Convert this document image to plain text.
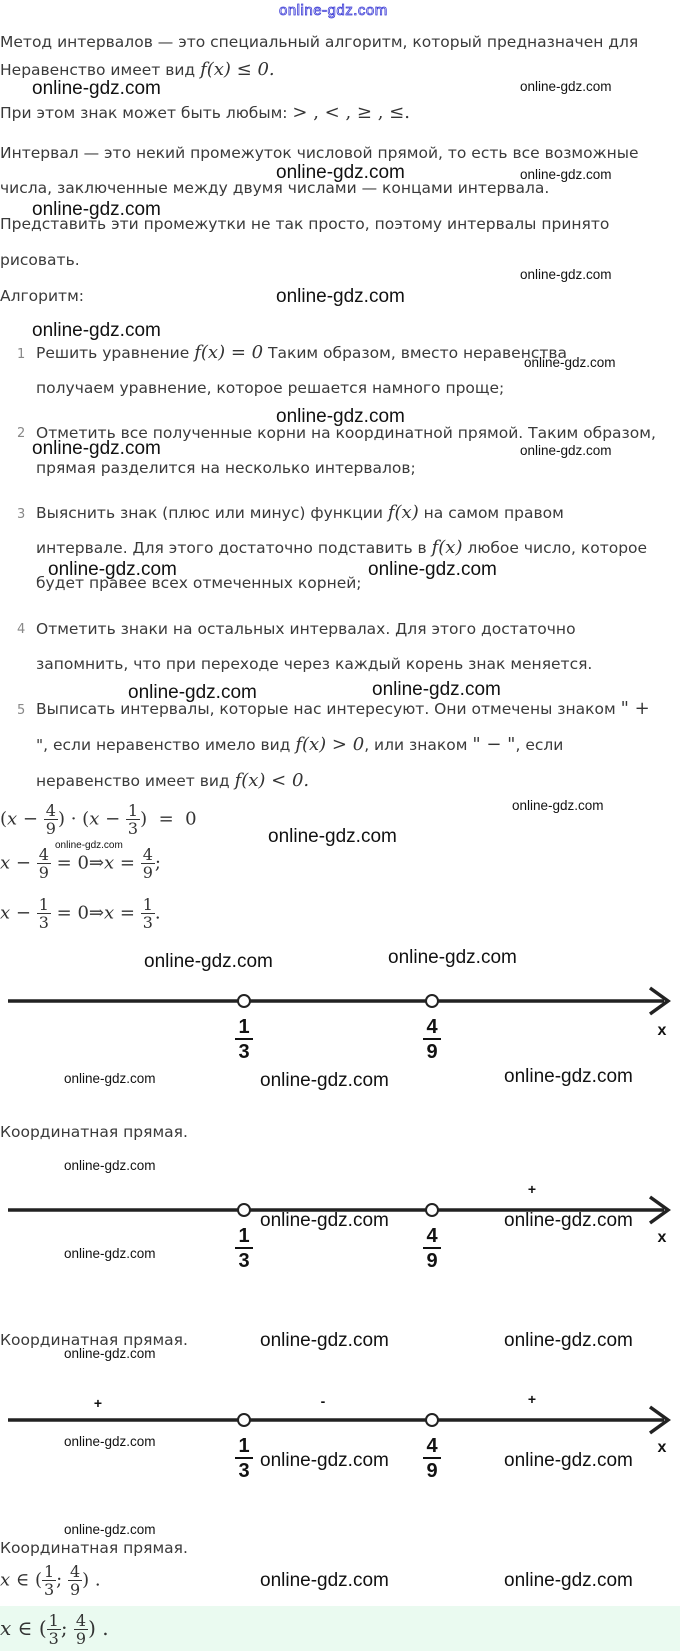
online-gdz.com
Метод интервалов — это специальный алгоритм, который предназначен для
Неравенство имеет вид f(x) ≤ 0.
При этом знак может быть любым: > , < , ≥ , ≤.
Интервал — это некий промежуток числовой прямой, то есть все возможные
числа, заключенные между двумя числами — концами интервала.
Представить эти промежутки не так просто, поэтому интервалы принято
рисовать.
Алгоритм:
1 Решить уравнение f(x) = 0 Таким образом, вместо неравенства
получаем уравнение, которое решается намного проще;
2 Отметить все полученные корни на координатной прямой. Таким образом,
прямая разделится на несколько интервалов;
3 Выяснить знак (плюс или минус) функции f(x) на самом правом
интервале. Для этого достаточно подставить в f(x) любое число, которое
будет правее всех отмеченных корней;
4 Отметить знаки на остальных интервалах. Для этого достаточно
запомнить, что при переходе через каждый корень знак меняется.
5 Выписать интервалы, которые нас интересуют. Они отмечены знаком " +
", если неравенство имело вид f(x) > 0, или знаком " − ", если
неравенство имеет вид f(x) < 0.
($x - \frac{4}{9}$ ) · ($x - \frac{1}{3}$ ) = 0
$x - \frac{4}{9}$ = 0⇒x = $\frac{4}{9}$ ;
$x - \frac{1}{3}$ = 0⇒x = $\frac{1}{3}$ .
1
3
4
9
x
Координатная прямая.
+
1
3
4
9
x
Координатная прямая.
+	-	+
1
3
4
9
x
Координатная прямая.
x ∈ ( $\frac{1}{3}$ ; $\frac{4}{9}$ ) .
x ∈ ( $\frac{1}{3}$ ; $\frac{4}{9}$ ) .
online-gdz.com	online-gdz.com
online-gdz.com	online-gdz.com
online-gdz.com
online-gdz.com
online-gdz.com
online-gdz.com
online-gdz.com
online-gdz.com
online-gdz.com	online-gdz.com
online-gdz.com	online-gdz.com
online-gdz.com	online-gdz.com
online-gdz.com
online-gdz.com
online-gdz.com
online-gdz.com	online-gdz.com
online-gdz.com	online-gdz.com	online-gdz.com
online-gdz.com
online-gdz.com	online-gdz.com
online-gdz.com
online-gdz.com	online-gdz.com
online-gdz.com
online-gdz.com
online-gdz.com	online-gdz.com
online-gdz.com
online-gdz.com	online-gdz.com
